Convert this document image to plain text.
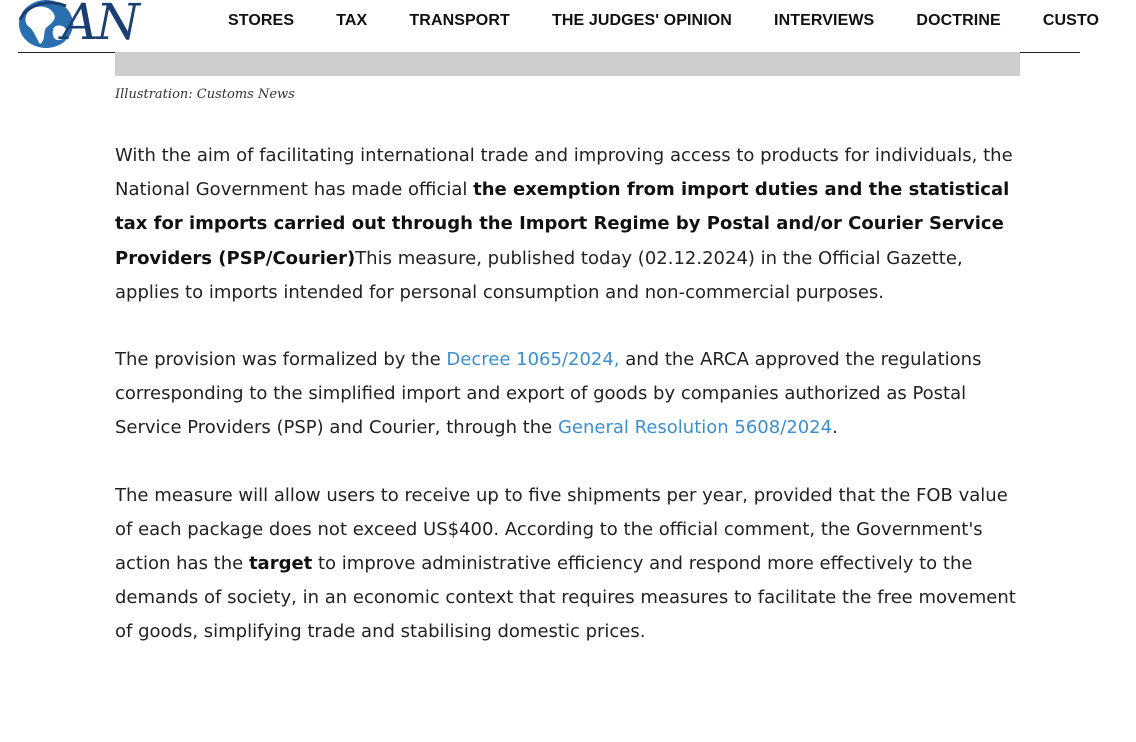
AN	STORES	TAX	TRANSPORT	THE JUDGES' OPINION	INTERVIEWS	DOCTRINE	CUSTO
Illustration: Customs News

With the aim of facilitating international trade and improving access to products for individuals, the National Government has made official the exemption from import duties and the statistical tax for imports carried out through the Import Regime by Postal and/or Courier Service Providers (PSP/Courier)This measure, published today (02.12.2024) in the Official Gazette, applies to imports intended for personal consumption and non-commercial purposes.

The provision was formalized by the Decree 1065/2024, and the ARCA approved the regulations corresponding to the simplified import and export of goods by companies authorized as Postal Service Providers (PSP) and Courier, through the General Resolution 5608/2024.

The measure will allow users to receive up to five shipments per year, provided that the FOB value of each package does not exceed US$400. According to the official comment, the Government's action has the target to improve administrative efficiency and respond more effectively to the demands of society, in an economic context that requires measures to facilitate the free movement of goods, simplifying trade and stabilising domestic prices.
